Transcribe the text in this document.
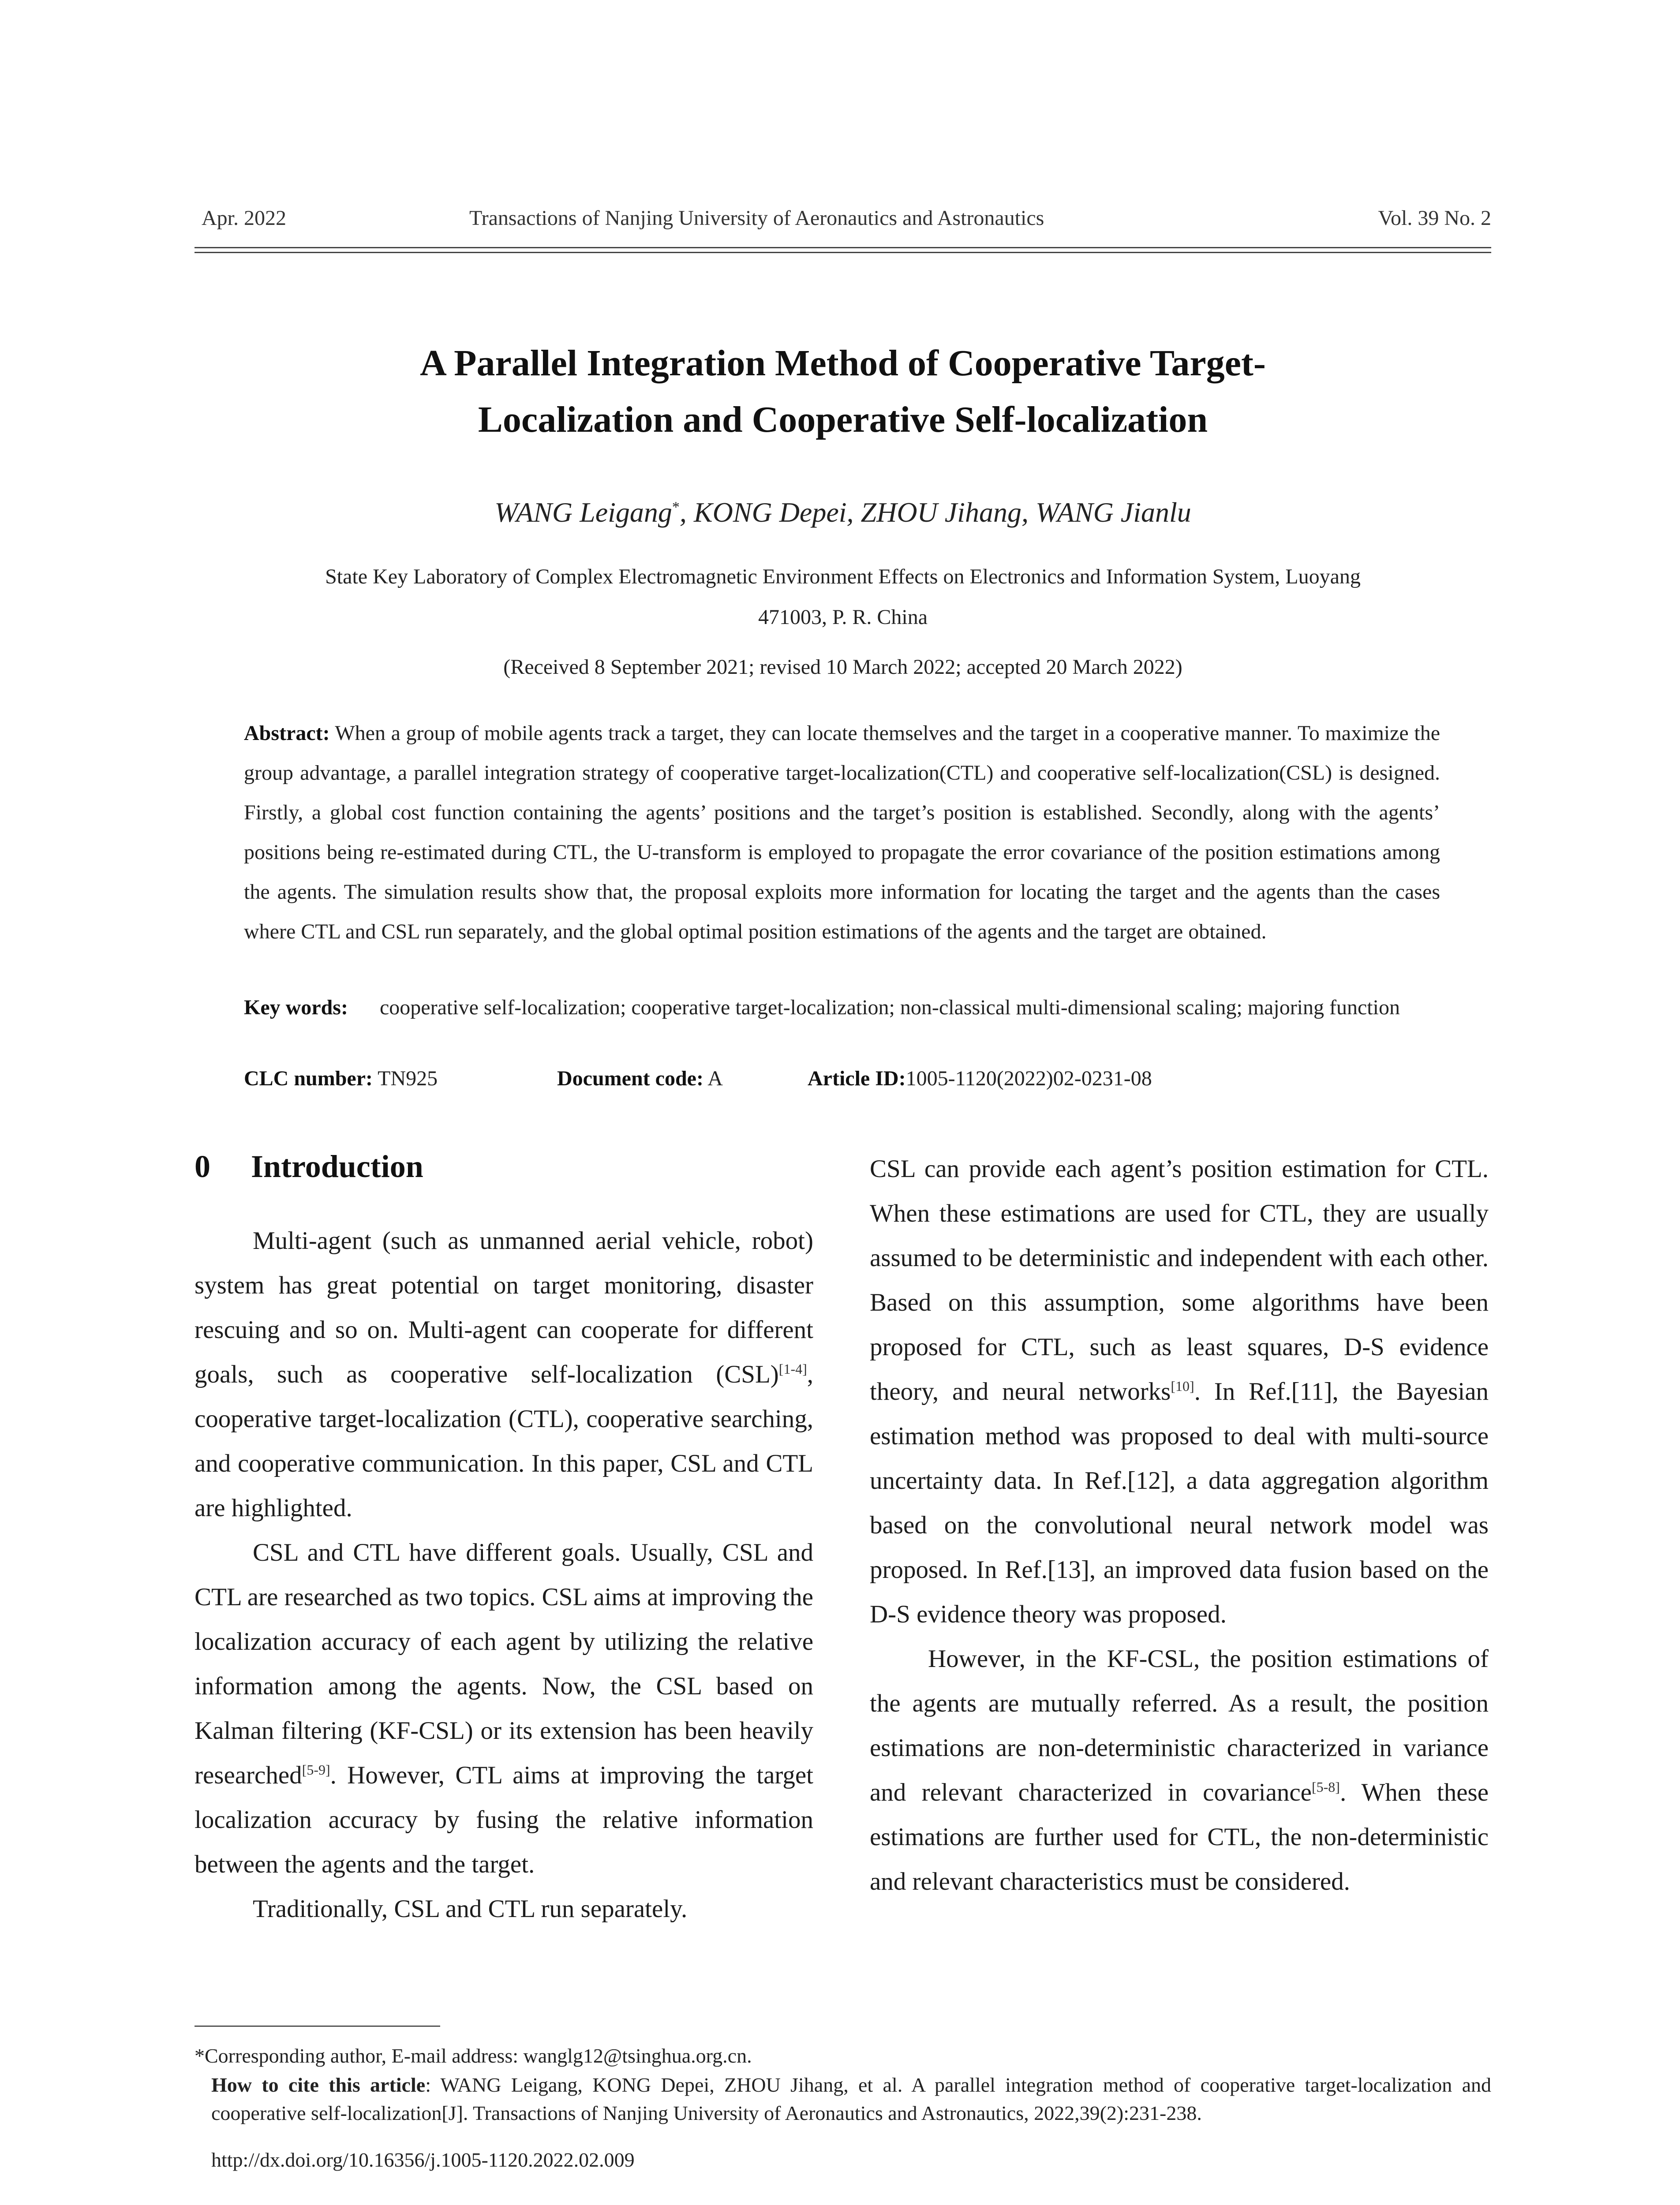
Apr. 2022	Transactions of Nanjing University of Aeronautics and Astronautics	Vol. 39 No. 2
A Parallel Integration Method of Cooperative Target-
Localization and Cooperative Self-localization
WANG Leigang*, KONG Depei, ZHOU Jihang, WANG Jianlu
State Key Laboratory of Complex Electromagnetic Environment Effects on Electronics and Information System, Luoyang
471003, P. R. China
(Received 8 September 2021; revised 10 March 2022; accepted 20 March 2022)
Abstract: When a group of mobile agents track a target, they can locate themselves and the target in a cooperative manner. To maximize the group advantage, a parallel integration strategy of cooperative target-localization(CTL) and cooperative self-localization(CSL) is designed. Firstly, a global cost function containing the agents’ positions and the target’s position is established. Secondly, along with the agents’ positions being re-estimated during CTL, the U-transform is employed to propagate the error covariance of the position estimations among the agents. The simulation results show that, the proposal exploits more information for locating the target and the agents than the cases where CTL and CSL run separately, and the global optimal position estimations of the agents and the target are obtained.
Key words: cooperative self-localization; cooperative target-localization; non-classical multi-dimensional scaling; majoring function
CLC number: TN925	Document code: A	Article ID:1005-1120(2022)02-0231-08
0 Introduction

Multi-agent (such as unmanned aerial vehicle, robot) system has great potential on target monitoring, disaster rescuing and so on. Multi-agent can cooperate for different goals, such as cooperative self-localization (CSL)[1-4], cooperative target-localization (CTL), cooperative searching, and cooperative communication. In this paper, CSL and CTL are highlighted.

CSL and CTL have different goals. Usually, CSL and CTL are researched as two topics. CSL aims at improving the localization accuracy of each agent by utilizing the relative information among the agents. Now, the CSL based on Kalman filtering (KF-CSL) or its extension has been heavily researched[5-9]. However, CTL aims at improving the target localization accuracy by fusing the relative information between the agents and the target.

Traditionally, CSL and CTL run separately.

CSL can provide each agent’s position estimation for CTL. When these estimations are used for CTL, they are usually assumed to be deterministic and independent with each other. Based on this assumption, some algorithms have been proposed for CTL, such as least squares, D-S evidence theory, and neural networks[10]. In Ref.[11], the Bayesian estimation method was proposed to deal with multi-source uncertainty data. In Ref.[12], a data aggregation algorithm based on the convolutional neural network model was proposed. In Ref.[13], an improved data fusion based on the D-S evidence theory was proposed.

However, in the KF-CSL, the position estimations of the agents are mutually referred. As a result, the position estimations are non-deterministic characterized in variance and relevant characterized in covariance[5-8]. When these estimations are further used for CTL, the non-deterministic and relevant characteristics must be considered.

*Corresponding author, E-mail address: wanglg12@tsinghua.org.cn.
How to cite this article: WANG Leigang, KONG Depei, ZHOU Jihang, et al. A parallel integration method of cooperative target-localization and cooperative self-localization[J]. Transactions of Nanjing University of Aeronautics and Astronautics, 2022,39(2):231-238.
http://dx.doi.org/10.16356/j.1005-1120.2022.02.009
